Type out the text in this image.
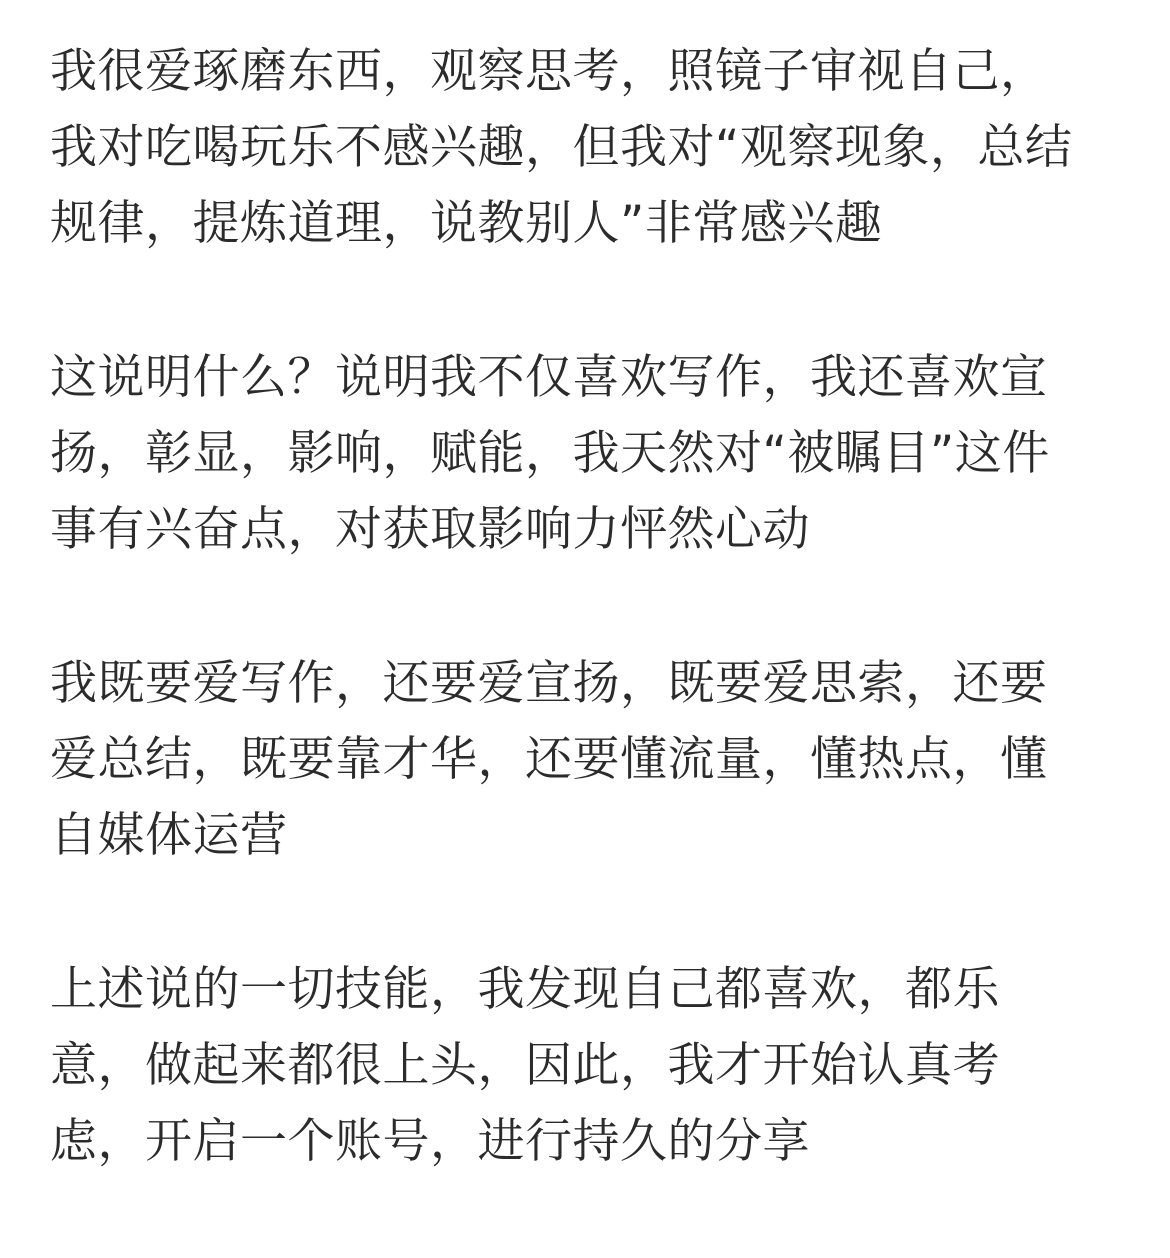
我很爱琢磨东西，观察思考，照镜子审视自己，
我对吃喝玩乐不感兴趣，但我对“观察现象，总结
规律，提炼道理，说教别人”非常感兴趣

这说明什么？说明我不仅喜欢写作，我还喜欢宣
扬，彰显，影响，赋能，我天然对“被瞩目”这件
事有兴奋点，对获取影响力怦然心动

我既要爱写作，还要爱宣扬，既要爱思索，还要
爱总结，既要靠才华，还要懂流量，懂热点，懂
自媒体运营

上述说的一切技能，我发现自己都喜欢，都乐
意，做起来都很上头，因此，我才开始认真考
虑，开启一个账号，进行持久的分享
